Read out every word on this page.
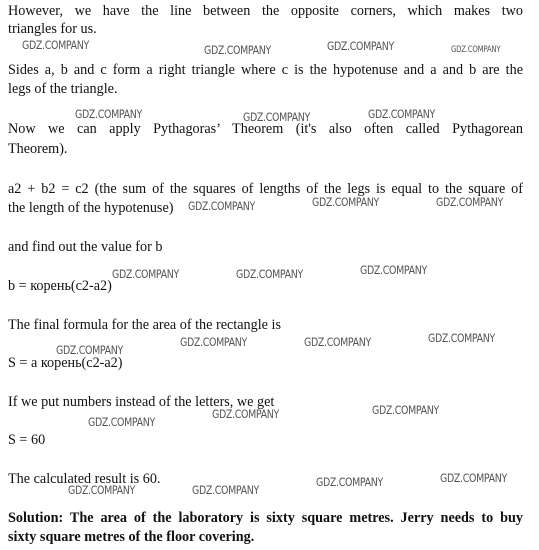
However, we have the line between the opposite corners, which makes two

triangles for us.

Sides a, b and c form a right triangle where c is the hypotenuse and a and b are the

legs of the triangle.

Now we can apply Pythagoras’ Theorem (it's also often called Pythagorean

Theorem).

a2 + b2 = c2 (the sum of the squares of lengths of the legs is equal to the square of

the length of the hypotenuse)

and find out the value for b

b = корень(c2-a2)

The final formula for the area of the rectangle is

S = a корень(c2-a2)

If we put numbers instead of the letters, we get

S = 60

The calculated result is 60.

Solution: The area of the laboratory is sixty square metres. Jerry needs to buy

sixty square metres of the floor covering.

GDZ.COMPANY	GDZ.COMPANY	GDZ.COMPANY	GDZ.COMPANY
GDZ.COMPANY	GDZ.COMPANY	GDZ.COMPANY
GDZ.COMPANY	GDZ.COMPANY	GDZ.COMPANY
GDZ.COMPANY	GDZ.COMPANY	GDZ.COMPANY
GDZ.COMPANY
GDZ.COMPANY	GDZ.COMPANY	GDZ.COMPANY
GDZ.COMPANY	GDZ.COMPANY
GDZ.COMPANY
GDZ.COMPANY	GDZ.COMPANY
GDZ.COMPANY	GDZ.COMPANY
